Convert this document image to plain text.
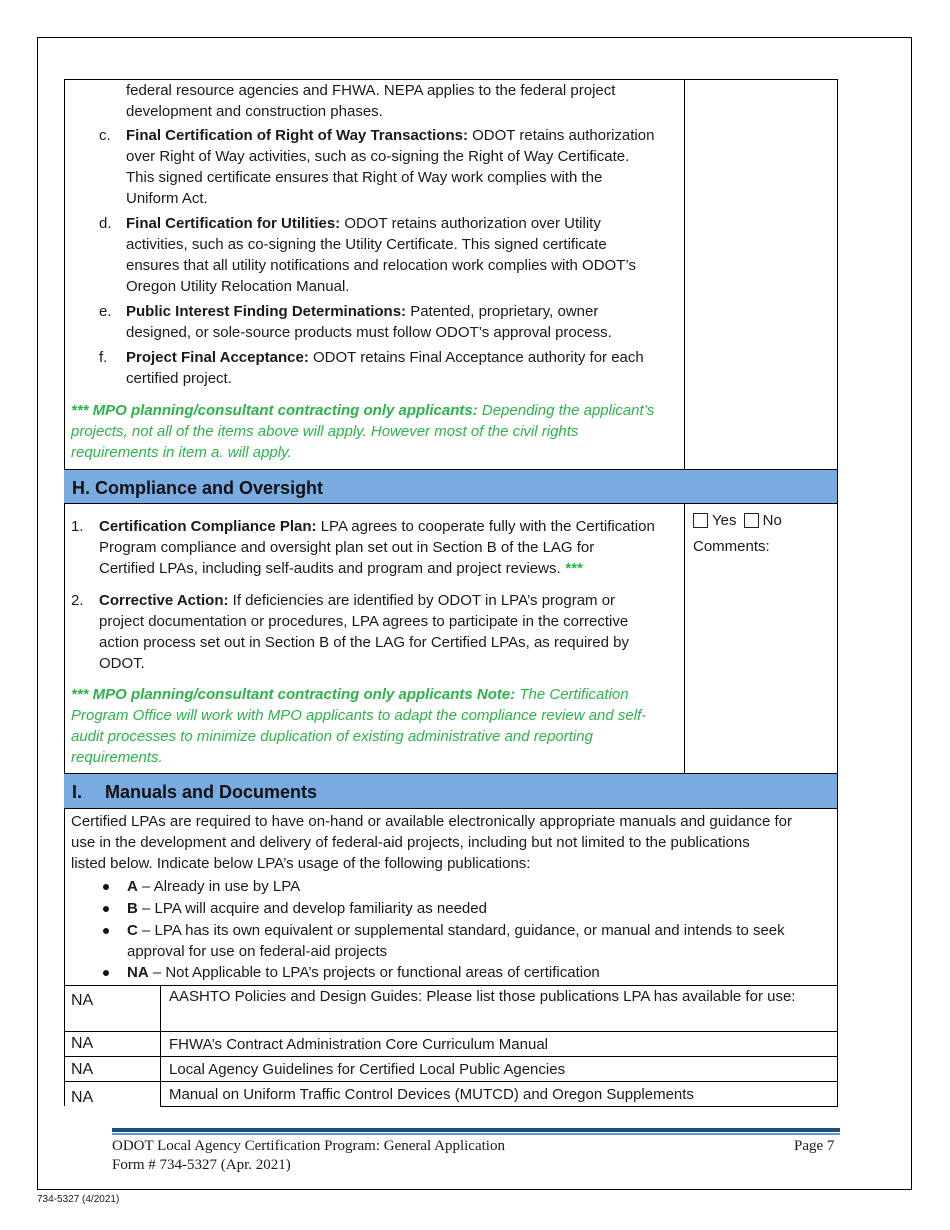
federal resource agencies and FHWA. NEPA applies to the federal project
development and construction phases.
c. Final Certification of Right of Way Transactions: ODOT retains authorization
over Right of Way activities, such as co-signing the Right of Way Certificate.
This signed certificate ensures that Right of Way work complies with the
Uniform Act.
d. Final Certification for Utilities: ODOT retains authorization over Utility
activities, such as co-signing the Utility Certificate. This signed certificate
ensures that all utility notifications and relocation work complies with ODOT’s
Oregon Utility Relocation Manual.
e. Public Interest Finding Determinations: Patented, proprietary, owner
designed, or sole-source products must follow ODOT’s approval process.
f. Project Final Acceptance: ODOT retains Final Acceptance authority for each
certified project.
*** MPO planning/consultant contracting only applicants: Depending the applicant’s
projects, not all of the items above will apply. However most of the civil rights
requirements in item a. will apply.
H. Compliance and Oversight
1. Certification Compliance Plan: LPA agrees to cooperate fully with the Certification
Program compliance and oversight plan set out in Section B of the LAG for
Certified LPAs, including self-audits and program and project reviews. ***
2. Corrective Action: If deficiencies are identified by ODOT in LPA’s program or
project documentation or procedures, LPA agrees to participate in the corrective
action process set out in Section B of the LAG for Certified LPAs, as required by
ODOT.
*** MPO planning/consultant contracting only applicants Note: The Certification
Program Office will work with MPO applicants to adapt the compliance review and self-
audit processes to minimize duplication of existing administrative and reporting
requirements.
Yes No
Comments:
I. Manuals and Documents
Certified LPAs are required to have on-hand or available electronically appropriate manuals and guidance for
use in the development and delivery of federal-aid projects, including but not limited to the publications
listed below. Indicate below LPA’s usage of the following publications:
A – Already in use by LPA
B – LPA will acquire and develop familiarity as needed
C – LPA has its own equivalent or supplemental standard, guidance, or manual and intends to seek
approval for use on federal-aid projects
NA – Not Applicable to LPA’s projects or functional areas of certification
NA	AASHTO Policies and Design Guides: Please list those publications LPA has available for use:
NA	FHWA’s Contract Administration Core Curriculum Manual
NA	Local Agency Guidelines for Certified Local Public Agencies
NA	Manual on Uniform Traffic Control Devices (MUTCD) and Oregon Supplements
ODOT Local Agency Certification Program: General Application
Form # 734-5327 (Apr. 2021)
Page 7
734-5327 (4/2021)
